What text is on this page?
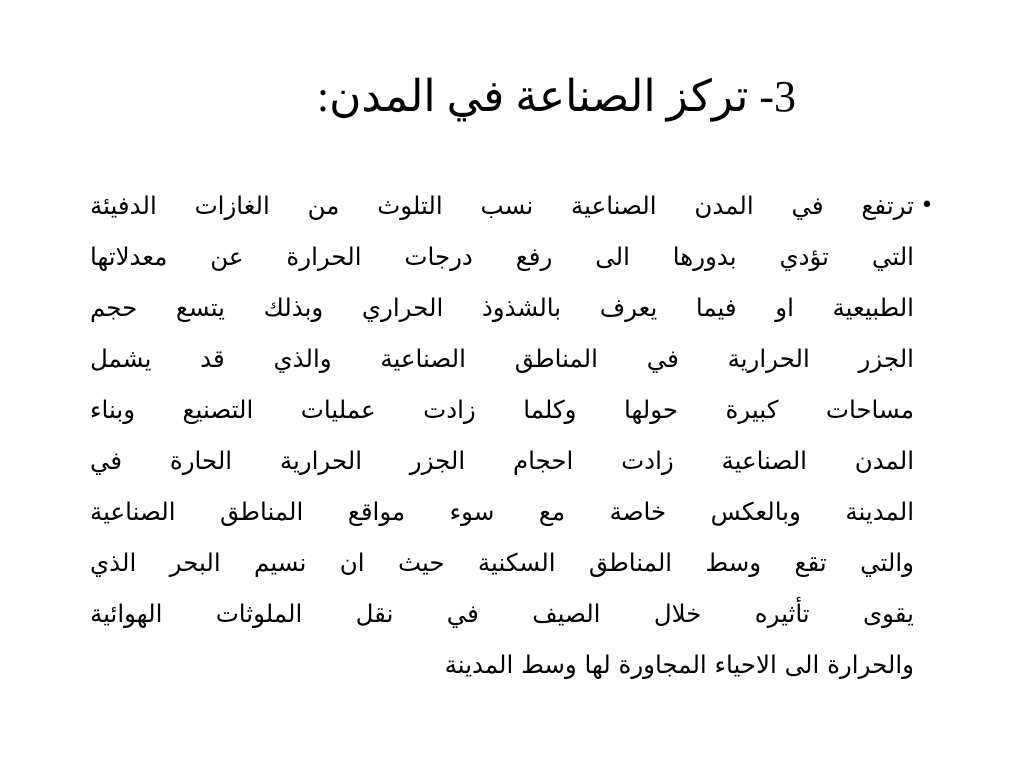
3- تركز الصناعة في المدن:
•
ترتفع في المدن الصناعية نسب التلوث من الغازات الدفيئة
التي تؤدي بدورها الى رفع درجات الحرارة عن معدلاتها
الطبيعية او فيما يعرف بالشذوذ الحراري وبذلك يتسع حجم
الجزر الحرارية في المناطق الصناعية والذي قد يشمل
مساحات كبيرة حولها وكلما زادت عمليات التصنيع وبناء
المدن الصناعية زادت احجام الجزر الحرارية الحارة في
المدينة وبالعكس خاصة مع سوء مواقع المناطق الصناعية
والتي تقع وسط المناطق السكنية حيث ان نسيم البحر الذي
يقوى تأثيره خلال الصيف في نقل الملوثات الهوائية
والحرارة الى الاحياء المجاورة لها وسط المدينة
